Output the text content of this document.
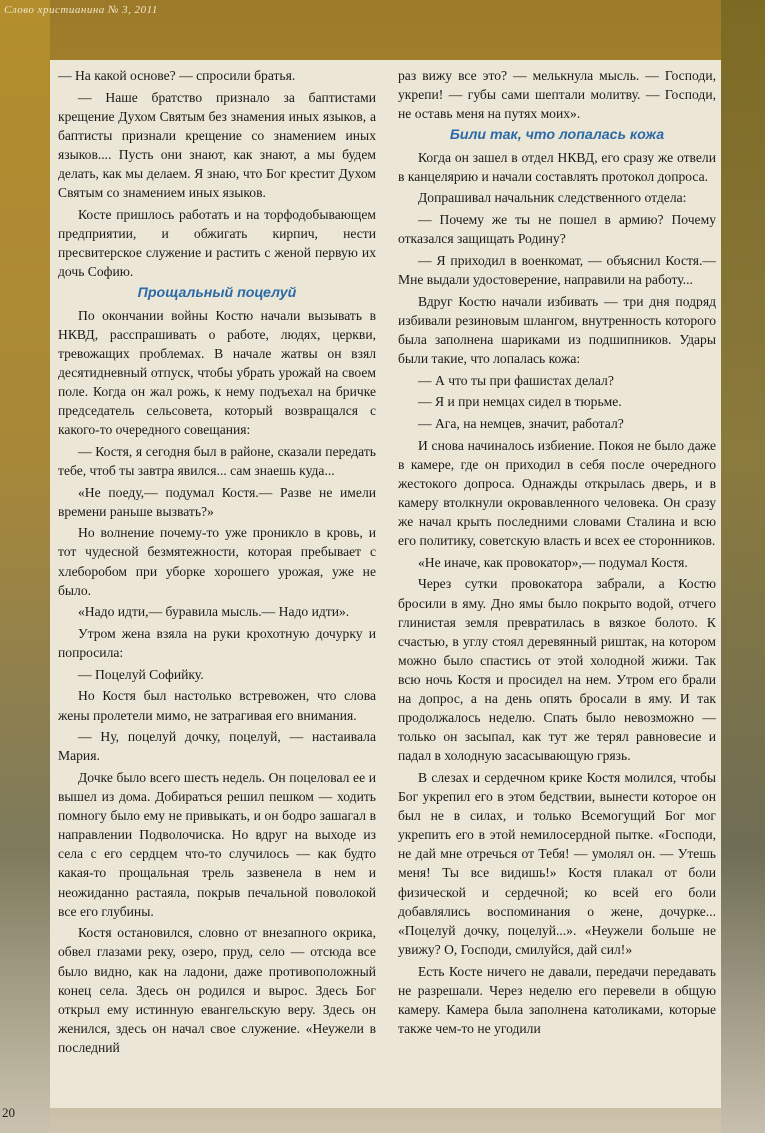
Слово христианина № 3, 2011

— На какой основе? — спросили братья.

— Наше братство признало за баптистами крещение Духом Святым без знамения иных языков, а баптисты признали крещение со знамением иных языков.... Пусть они знают, как знают, а мы будем делать, как мы делаем. Я знаю, что Бог крестит Духом Святым со знамением иных языков.

Косте пришлось работать и на торфодобывающем предприятии, и обжигать кирпич, нести пресвитерское служение и растить с женой первую их дочь Софию.

Прощальный поцелуй

По окончании войны Костю начали вызывать в НКВД, расспрашивать о работе, людях, церкви, тревожащих проблемах. В начале жатвы он взял десятидневный отпуск, чтобы убрать урожай на своем поле. Когда он жал рожь, к нему подъехал на бричке председатель сельсовета, который возвращался с какого-то очередного совещания:

— Костя, я сегодня был в районе, сказали передать тебе, чтоб ты завтра явился... сам знаешь куда...

«Не поеду,— подумал Костя.— Разве не имели времени раньше вызвать?»

Но волнение почему-то уже проникло в кровь, и тот чудесной безмятежности, которая пребывает с хлеборобом при уборке хорошего урожая, уже не было.

«Надо идти,— буравила мысль.— Надо идти».

Утром жена взяла на руки крохотную дочурку и попросила:

— Поцелуй Софийку.

Но Костя был настолько встревожен, что слова жены пролетели мимо, не затрагивая его внимания.

— Ну, поцелуй дочку, поцелуй, — настаивала Мария.

Дочке было всего шесть недель. Он поцеловал ее и вышел из дома. Добираться решил пешком — ходить помногу было ему не привыкать, и он бодро зашагал в направлении Подволочиска. Но вдруг на выходе из села с его сердцем что-то случилось — как будто какая-то прощальная трель зазвенела в нем и неожиданно растаяла, покрыв печальной поволокой все его глубины.

Костя остановился, словно от внезапного окрика, обвел глазами реку, озеро, пруд, село — отсюда все было видно, как на ладони, даже противоположный конец села. Здесь он родился и вырос. Здесь Бог открыл ему истинную евангельскую веру. Здесь он женился, здесь он начал свое служение. «Неужели в последний

раз вижу все это? — мелькнула мысль. — Господи, укрепи! — губы сами шептали молитву. — Господи, не оставь меня на путях моих».

Били так, что лопалась кожа

Когда он зашел в отдел НКВД, его сразу же отвели в канцелярию и начали составлять протокол допроса.

Допрашивал начальник следственного отдела:

— Почему же ты не пошел в армию? Почему отказался защищать Родину?

— Я приходил в военкомат, — объяснил Костя.— Мне выдали удостоверение, направили на работу...

Вдруг Костю начали избивать — три дня подряд избивали резиновым шлангом, внутренность которого была заполнена шариками из подшипников. Удары были такие, что лопалась кожа:

— А что ты при фашистах делал?

— Я и при немцах сидел в тюрьме.

— Ага, на немцев, значит, работал?

И снова начиналось избиение. Покоя не было даже в камере, где он приходил в себя после очередного жестокого допроса. Однажды открылась дверь, и в камеру втолкнули окровавленного человека. Он сразу же начал крыть последними словами Сталина и всю его политику, советскую власть и всех ее сторонников.

«Не иначе, как провокатор»,— подумал Костя.

Через сутки провокатора забрали, а Костю бросили в яму. Дно ямы было покрыто водой, отчего глинистая земля превратилась в вязкое болото. К счастью, в углу стоял деревянный риштак, на котором можно было спастись от этой холодной жижи. Так всю ночь Костя и просидел на нем. Утром его брали на допрос, а на день опять бросали в яму. И так продолжалось неделю. Спать было невозможно — только он засыпал, как тут же терял равновесие и падал в холодную засасывающую грязь.

В слезах и сердечном крике Костя молился, чтобы Бог укрепил его в этом бедствии, вынести которое он был не в силах, и только Всемогущий Бог мог укрепить его в этой немилосердной пытке. «Господи, не дай мне отречься от Тебя! — умолял он. — Утешь меня! Ты все видишь!» Костя плакал от боли физической и сердечной; ко всей его боли добавлялись воспоминания о жене, дочурке... «Поцелуй дочку, поцелуй...». «Неужели больше не увижу? О, Господи, смилуйся, дай сил!»

Есть Косте ничего не давали, передачи передавать не разрешали. Через неделю его перевели в общую камеру. Камера была заполнена католиками, которые также чем-то не угодили

20
